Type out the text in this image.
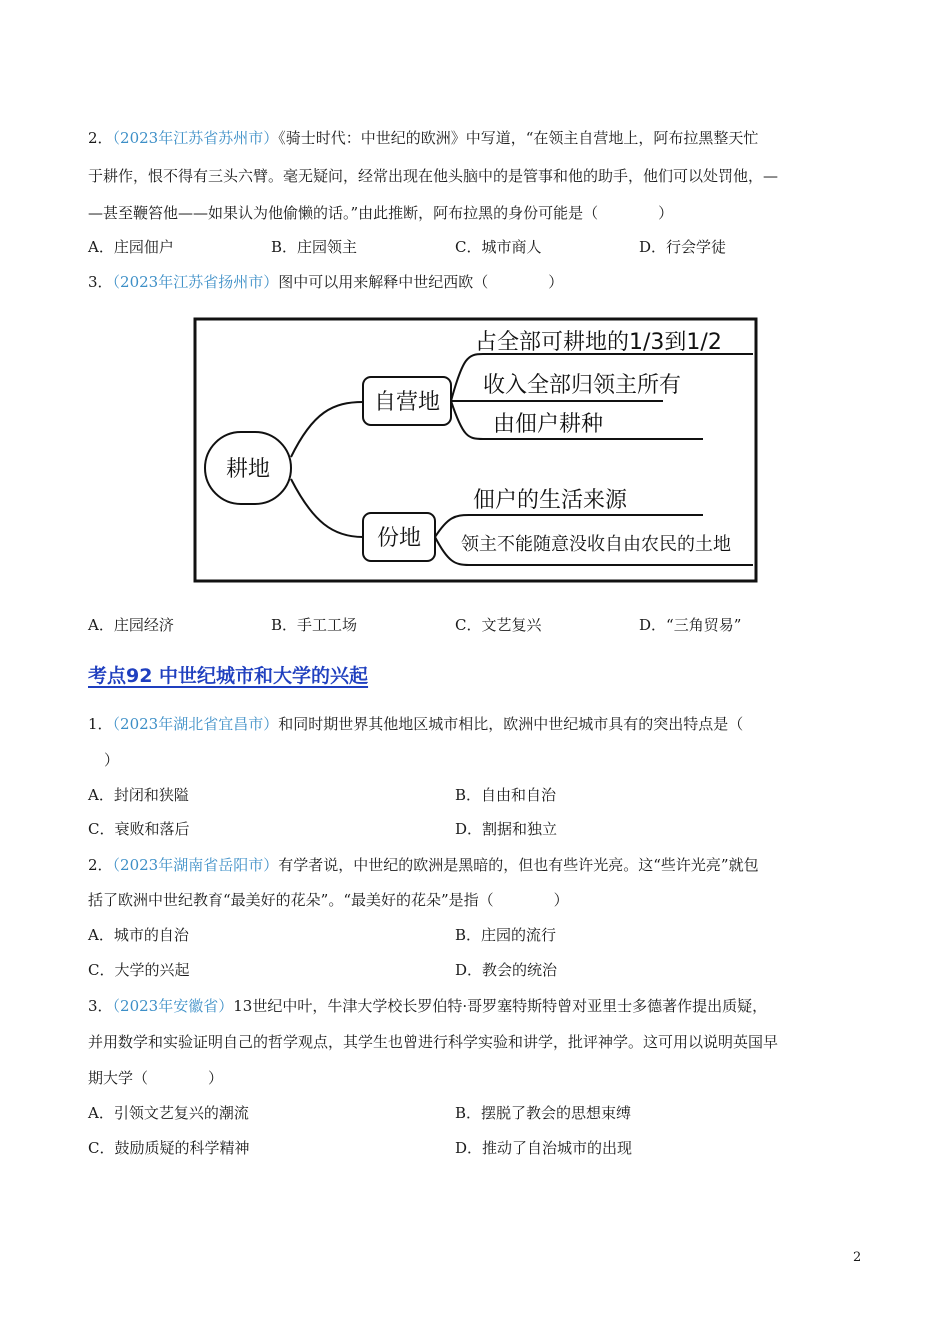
2．（2023年江苏省苏州市）《骑士时代：中世纪的欧洲》中写道，“在领主自营地上，阿布拉黑整天忙
于耕作，恨不得有三头六臂。毫无疑问，经常出现在他头脑中的是管事和他的助手，他们可以处罚他，—
—甚至鞭笞他——如果认为他偷懒的话。”由此推断，阿布拉黑的身份可能是（　　　　）
A．庄园佃户	B．庄园领主	C．城市商人	D．行会学徒
3．（2023年江苏省扬州市）图中可以用来解释中世纪西欧（　　　　）
耕地
自营地
占全部可耕地的1/3到1/2
收入全部归领主所有
由佃户耕种
份地
佃户的生活来源
领主不能随意没收自由农民的土地
A．庄园经济	B．手工工场	C．文艺复兴	D．“三角贸易”
考点92 中世纪城市和大学的兴起
1．（2023年湖北省宜昌市）和同时期世界其他地区城市相比，欧洲中世纪城市具有的突出特点是（
）
A．封闭和狭隘	B．自由和自治
C．衰败和落后	D．割据和独立
2．（2023年湖南省岳阳市）有学者说，中世纪的欧洲是黑暗的，但也有些许光亮。这“些许光亮”就包
括了欧洲中世纪教育“最美好的花朵”。“最美好的花朵”是指（　　　　）
A．城市的自治	B．庄园的流行
C．大学的兴起	D．教会的统治
3．（2023年安徽省）13世纪中叶，牛津大学校长罗伯特·哥罗塞特斯特曾对亚里士多德著作提出质疑，
并用数学和实验证明自己的哲学观点，其学生也曾进行科学实验和讲学，批评神学。这可用以说明英国早
期大学（　　　　）
A．引领文艺复兴的潮流	B．摆脱了教会的思想束缚
C．鼓励质疑的科学精神	D．推动了自治城市的出现
2
